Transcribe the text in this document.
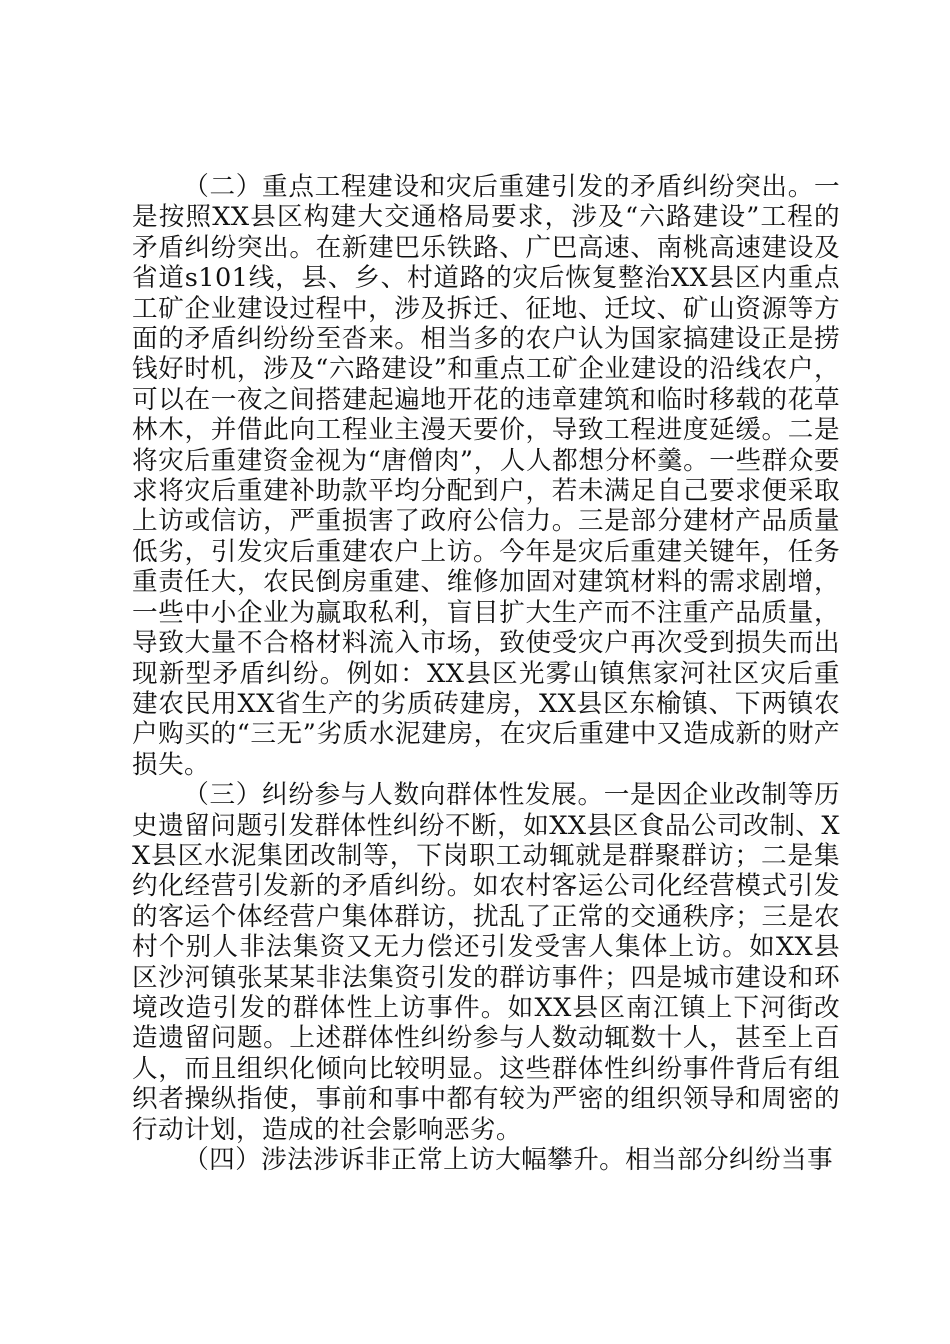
（二）重点工程建设和灾后重建引发的矛盾纠纷突出。一是按照XX县区构建大交通格局要求，涉及“六路建设”工程的矛盾纠纷突出。在新建巴乐铁路、广巴高速、南桃高速建设及省道s101线，县、乡、村道路的灾后恢复整治XX县区内重点工矿企业建设过程中，涉及拆迁、征地、迁坟、矿山资源等方面的矛盾纠纷纷至沓来。相当多的农户认为国家搞建设正是捞钱好时机，涉及“六路建设”和重点工矿企业建设的沿线农户，可以在一夜之间搭建起遍地开花的违章建筑和临时移载的花草林木，并借此向工程业主漫天要价，导致工程进度延缓。二是将灾后重建资金视为“唐僧肉”，人人都想分杯羹。一些群众要求将灾后重建补助款平均分配到户，若未满足自己要求便采取上访或信访，严重损害了政府公信力。三是部分建材产品质量低劣，引发灾后重建农户上访。今年是灾后重建关键年，任务重责任大，农民倒房重建、维修加固对建筑材料的需求剧增，一些中小企业为赢取私利，盲目扩大生产而不注重产品质量，导致大量不合格材料流入市场，致使受灾户再次受到损失而出现新型矛盾纠纷。例如：XX县区光雾山镇焦家河社区灾后重建农民用XX省生产的劣质砖建房，XX县区东榆镇、下两镇农户购买的“三无”劣质水泥建房，在灾后重建中又造成新的财产损失。

（三）纠纷参与人数向群体性发展。一是因企业改制等历史遗留问题引发群体性纠纷不断，如XX县区食品公司改制、XX县区水泥集团改制等，下岗职工动辄就是群聚群访；二是集约化经营引发新的矛盾纠纷。如农村客运公司化经营模式引发的客运个体经营户集体群访，扰乱了正常的交通秩序；三是农村个别人非法集资又无力偿还引发受害人集体上访。如XX县区沙河镇张某某非法集资引发的群访事件；四是城市建设和环境改造引发的群体性上访事件。如XX县区南江镇上下河街改造遗留问题。上述群体性纠纷参与人数动辄数十人，甚至上百人，而且组织化倾向比较明显。这些群体性纠纷事件背后有组织者操纵指使，事前和事中都有较为严密的组织领导和周密的行动计划，造成的社会影响恶劣。

（四）涉法涉诉非正常上访大幅攀升。相当部分纠纷当事
